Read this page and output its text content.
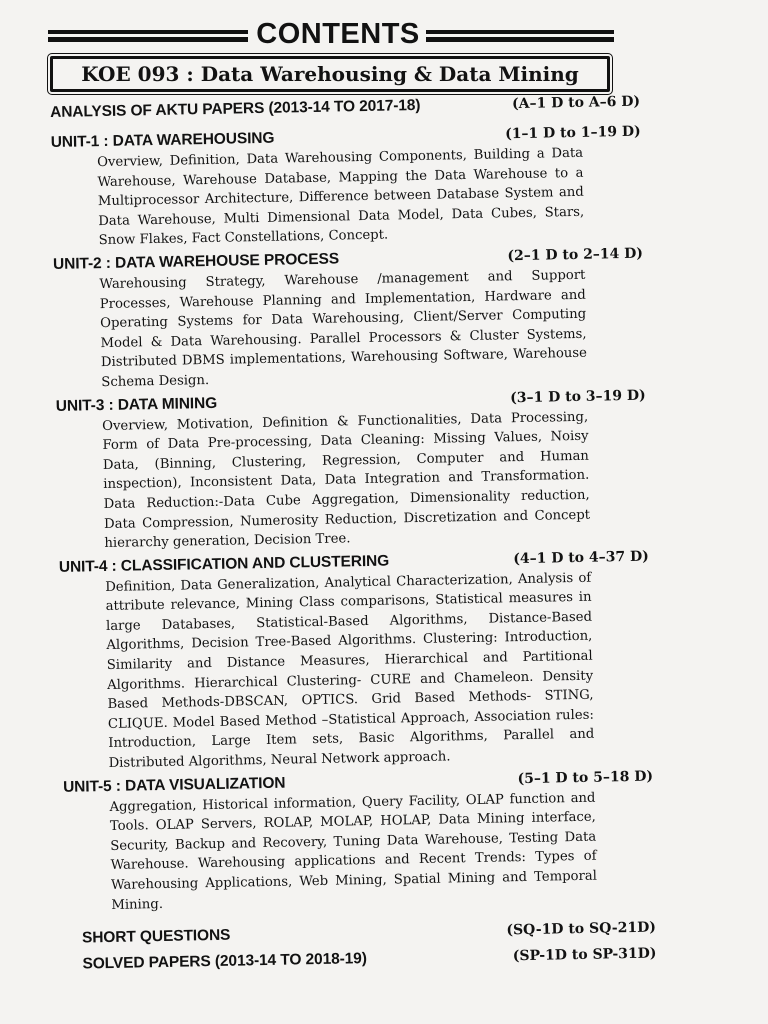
CONTENTS
KOE 093 : Data Warehousing & Data Mining
ANALYSIS OF AKTU PAPERS (2013-14 TO 2017-18)	(A–1 D to A–6 D)
UNIT-1 : DATA WAREHOUSING	(1–1 D to 1–19 D)
Overview, Definition, Data Warehousing Components, Building a Data Warehouse, Warehouse Database, Mapping the Data Warehouse to a Multiprocessor Architecture, Difference between Database System and Data Warehouse, Multi Dimensional Data Model, Data Cubes, Stars, Snow Flakes, Fact Constellations, Concept.
UNIT-2 : DATA WAREHOUSE PROCESS	(2–1 D to 2–14 D)
Warehousing Strategy, Warehouse /management and Support Processes, Warehouse Planning and Implementation, Hardware and Operating Systems for Data Warehousing, Client/Server Computing Model & Data Warehousing. Parallel Processors & Cluster Systems, Distributed DBMS implementations, Warehousing Software, Warehouse Schema Design.
UNIT-3 : DATA MINING	(3–1 D to 3–19 D)
Overview, Motivation, Definition & Functionalities, Data Processing, Form of Data Pre-processing, Data Cleaning: Missing Values, Noisy Data, (Binning, Clustering, Regression, Computer and Human inspection), Inconsistent Data, Data Integration and Transformation. Data Reduction:-Data Cube Aggregation, Dimensionality reduction, Data Compression, Numerosity Reduction, Discretization and Concept hierarchy generation, Decision Tree.
UNIT-4 : CLASSIFICATION AND CLUSTERING	(4–1 D to 4–37 D)
Definition, Data Generalization, Analytical Characterization, Analysis of attribute relevance, Mining Class comparisons, Statistical measures in large Databases, Statistical-Based Algorithms, Distance-Based Algorithms, Decision Tree-Based Algorithms. Clustering: Introduction, Similarity and Distance Measures, Hierarchical and Partitional Algorithms. Hierarchical Clustering- CURE and Chameleon. Density Based Methods-DBSCAN, OPTICS. Grid Based Methods- STING, CLIQUE. Model Based Method –Statistical Approach, Association rules: Introduction, Large Item sets, Basic Algorithms, Parallel and Distributed Algorithms, Neural Network approach.
UNIT-5 : DATA VISUALIZATION	(5–1 D to 5–18 D)
Aggregation, Historical information, Query Facility, OLAP function and Tools. OLAP Servers, ROLAP, MOLAP, HOLAP, Data Mining interface, Security, Backup and Recovery, Tuning Data Warehouse, Testing Data Warehouse. Warehousing applications and Recent Trends: Types of Warehousing Applications, Web Mining, Spatial Mining and Temporal Mining.
SHORT QUESTIONS	(SQ-1D to SQ-21D)
SOLVED PAPERS (2013-14 TO 2018-19)	(SP-1D to SP-31D)
